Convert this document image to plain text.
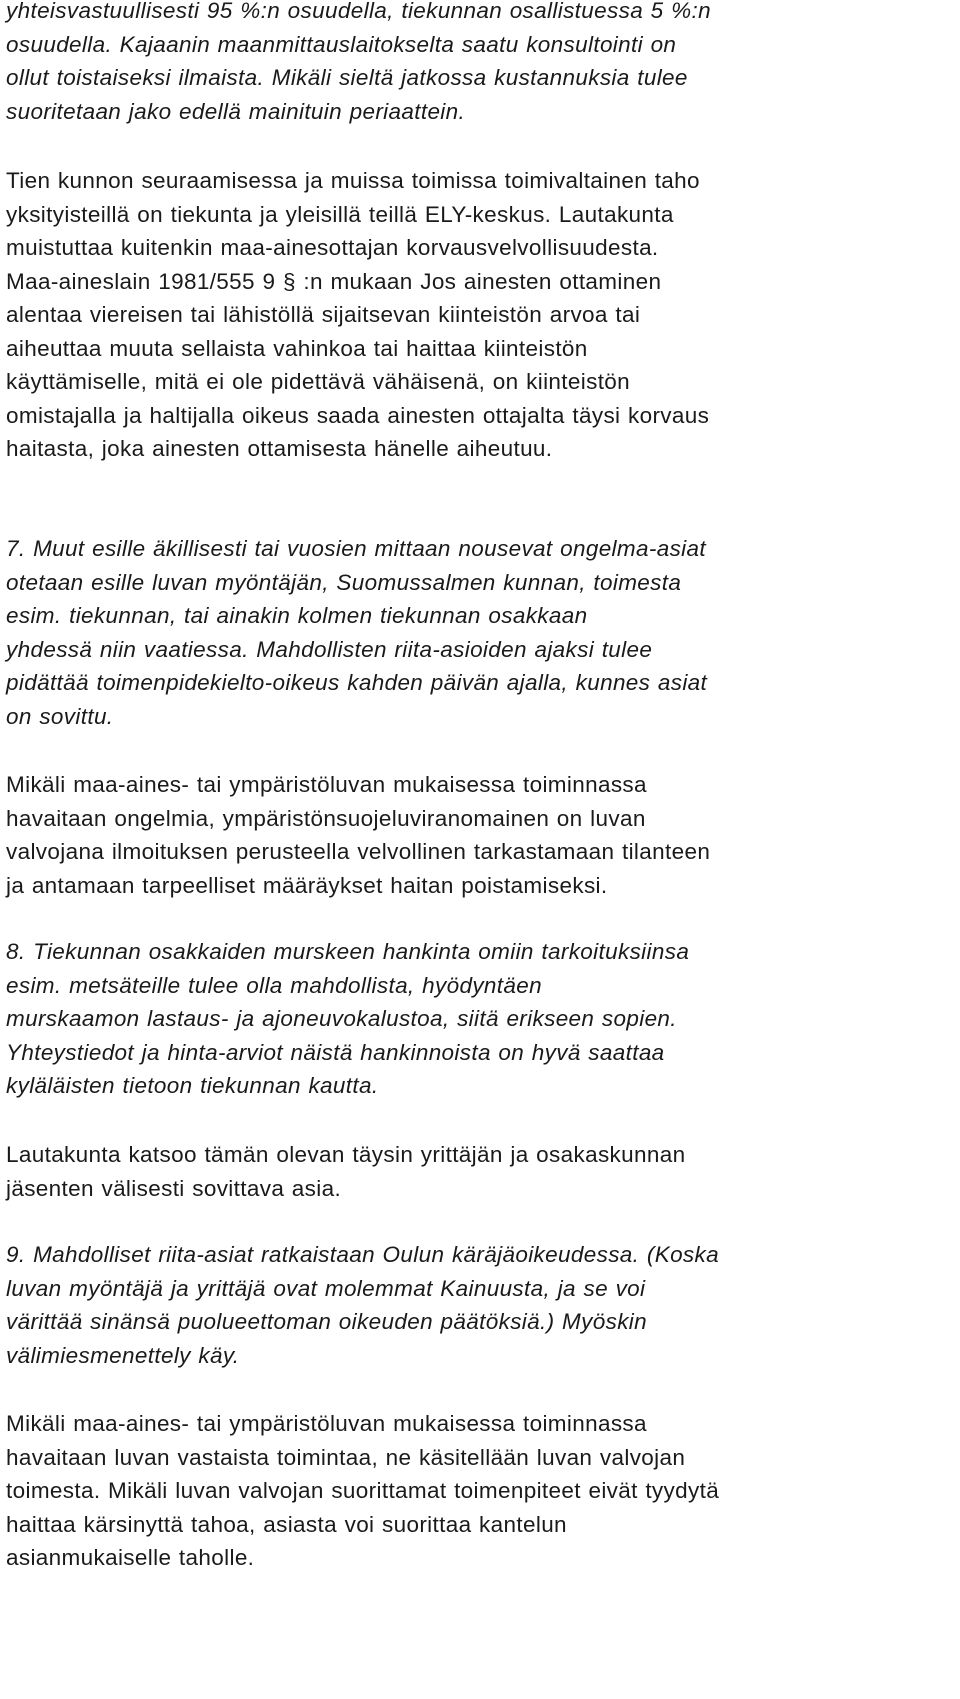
yhteisvastuullisesti 95 %:n osuudella, tiekunnan osallistuessa 5 %:n
osuudella. Kajaanin maanmittauslaitokselta saatu konsultointi on
ollut toistaiseksi ilmaista. Mikäli sieltä jatkossa kustannuksia tulee
suoritetaan jako edellä mainituin periaattein.
Tien kunnon seuraamisessa ja muissa toimissa toimivaltainen taho
yksityisteillä on tiekunta ja yleisillä teillä ELY-keskus. Lautakunta
muistuttaa kuitenkin maa-ainesottajan korvausvelvollisuudesta.
Maa-aineslain 1981/555 9 § :n mukaan Jos ainesten ottaminen
alentaa viereisen tai lähistöllä sijaitsevan kiinteistön arvoa tai
aiheuttaa muuta sellaista vahinkoa tai haittaa kiinteistön
käyttämiselle, mitä ei ole pidettävä vähäisenä, on kiinteistön
omistajalla ja haltijalla oikeus saada ainesten ottajalta täysi korvaus
haitasta, joka ainesten ottamisesta hänelle aiheutuu.
7. Muut esille äkillisesti tai vuosien mittaan nousevat ongelma-asiat
otetaan esille luvan myöntäjän, Suomussalmen kunnan, toimesta
esim. tiekunnan, tai ainakin kolmen tiekunnan osakkaan
yhdessä niin vaatiessa. Mahdollisten riita-asioiden ajaksi tulee
pidättää toimenpidekielto-oikeus kahden päivän ajalla, kunnes asiat
on sovittu.
Mikäli maa-aines- tai ympäristöluvan mukaisessa toiminnassa
havaitaan ongelmia, ympäristönsuojeluviranomainen on luvan
valvojana ilmoituksen perusteella velvollinen tarkastamaan tilanteen
ja antamaan tarpeelliset määräykset haitan poistamiseksi.
8. Tiekunnan osakkaiden murskeen hankinta omiin tarkoituksiinsa
esim. metsäteille tulee olla mahdollista, hyödyntäen
murskaamon lastaus- ja ajoneuvokalustoa, siitä erikseen sopien.
Yhteystiedot ja hinta-arviot näistä hankinnoista on hyvä saattaa
kyläläisten tietoon tiekunnan kautta.
Lautakunta katsoo tämän olevan täysin yrittäjän ja osakaskunnan
jäsenten välisesti sovittava asia.
9. Mahdolliset riita-asiat ratkaistaan Oulun käräjäoikeudessa. (Koska
luvan myöntäjä ja yrittäjä ovat molemmat Kainuusta, ja se voi
värittää sinänsä puolueettoman oikeuden päätöksiä.) Myöskin
välimiesmenettely käy.
Mikäli maa-aines- tai ympäristöluvan mukaisessa toiminnassa
havaitaan luvan vastaista toimintaa, ne käsitellään luvan valvojan
toimesta. Mikäli luvan valvojan suorittamat toimenpiteet eivät tyydytä
haittaa kärsinyttä tahoa, asiasta voi suorittaa kantelun
asianmukaiselle taholle.
